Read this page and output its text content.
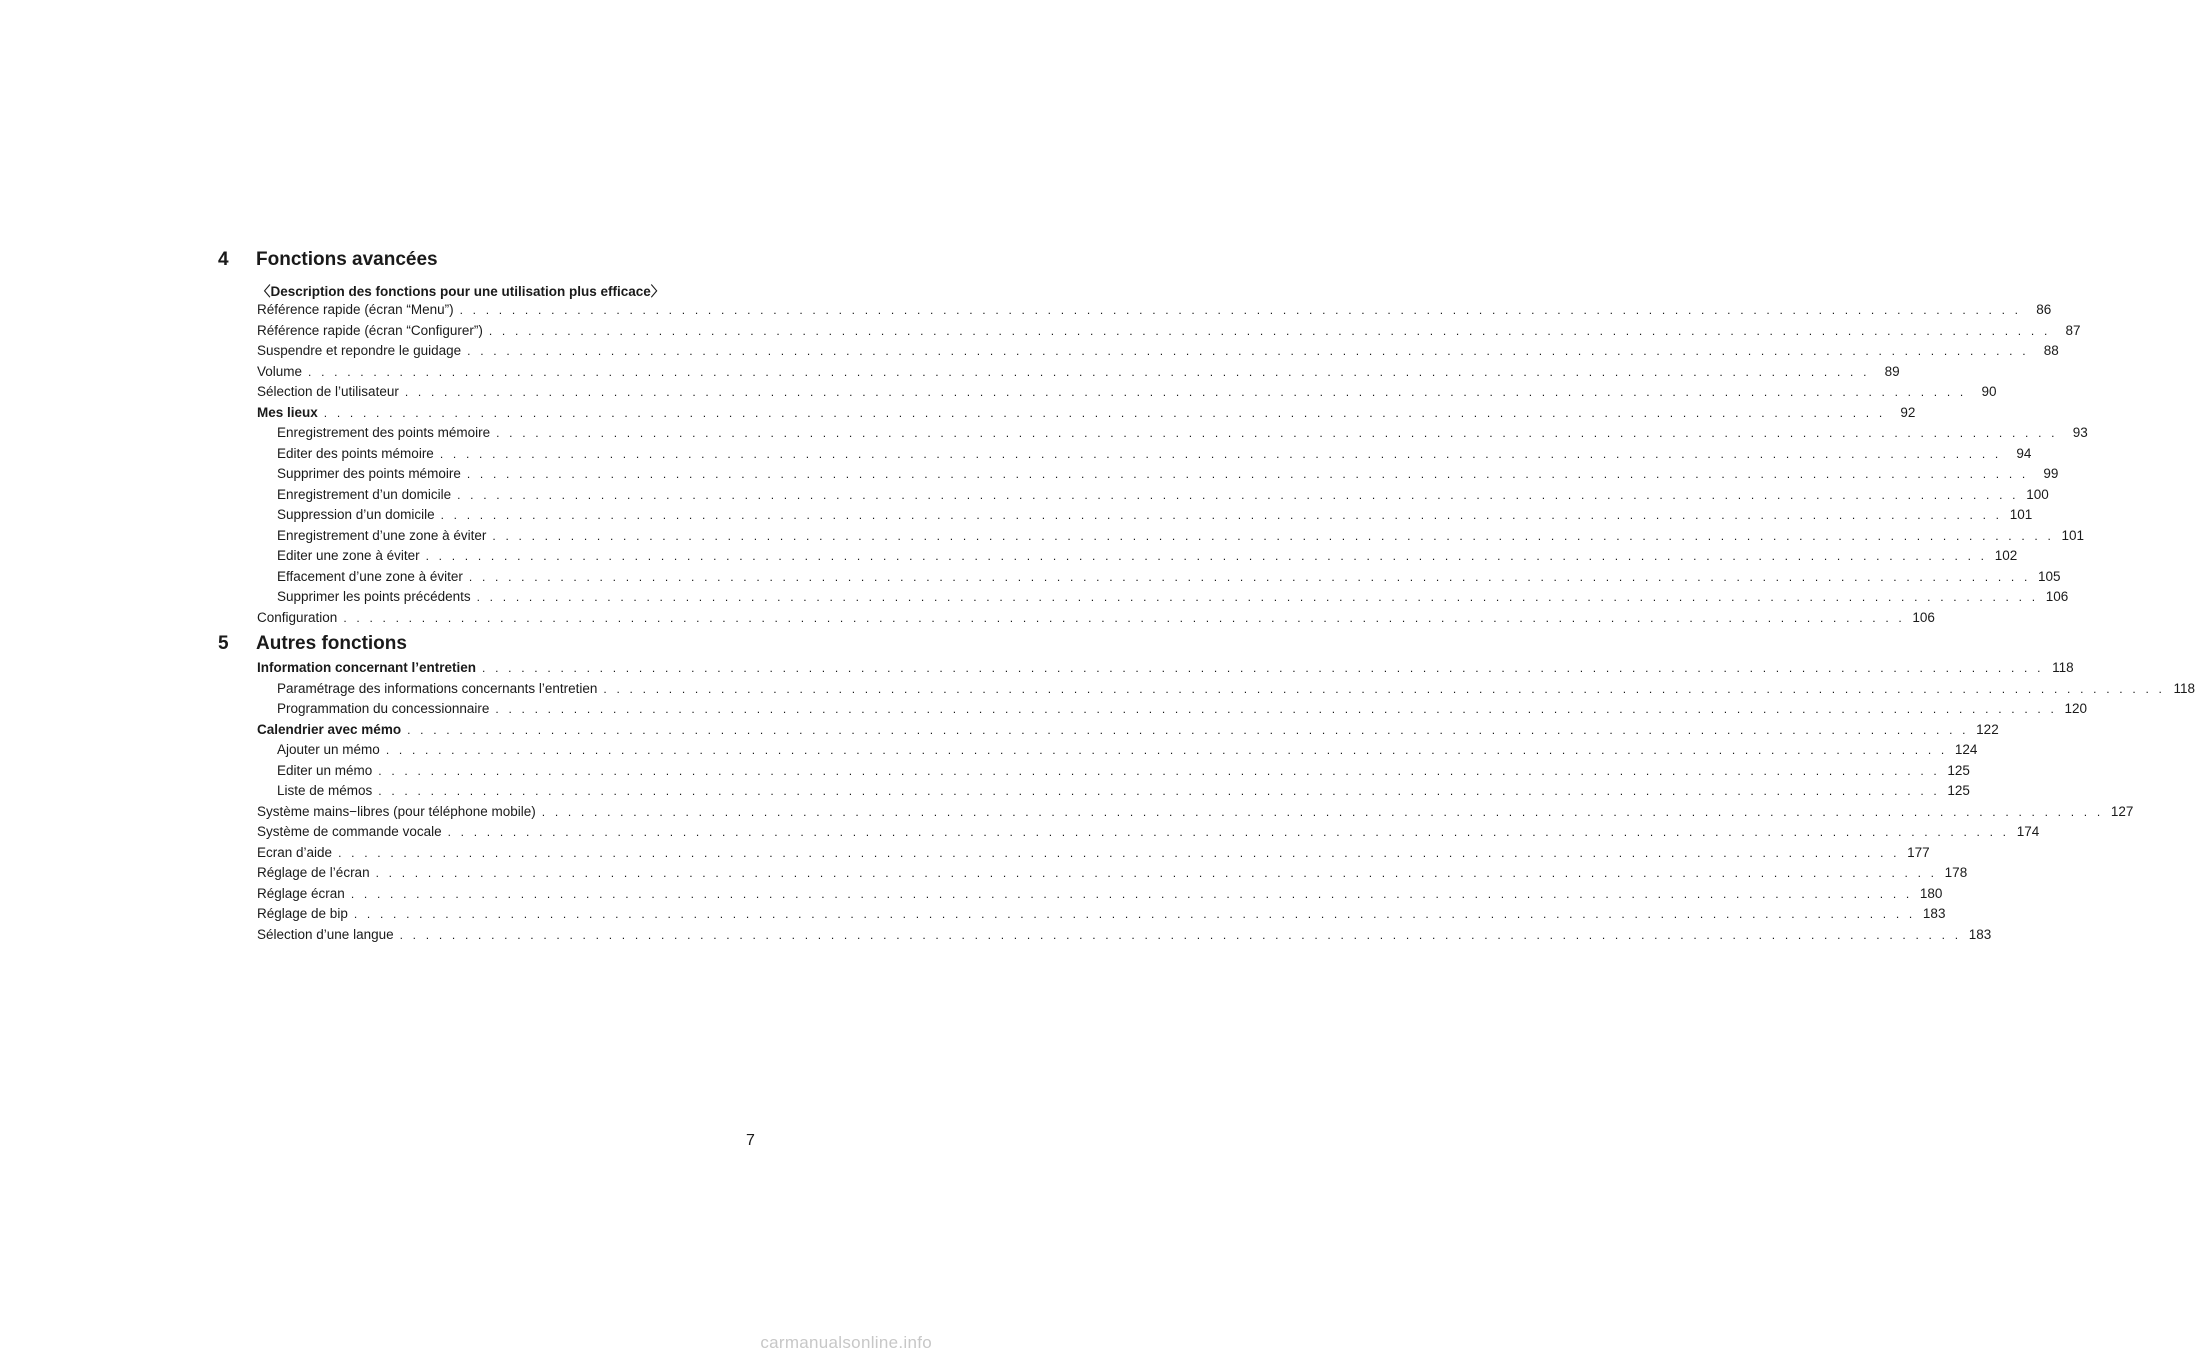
4 Fonctions avancées
〈Description des fonctions pour une utilisation plus efficace〉
Référence rapide (écran “Menu”) . . . . . . . . . . . . . . . . . . . . . . . . . . . . . . . . . . . . . . . . . . . . . . . . . . . . . . . . . . . . . . . . . . . . . . . . . . . . . . . . . . . . . . . . . . . . . . . . . . . . . . . . . . . . . . . . . . . . . . . .	86
Référence rapide (écran “Configurer”) . . . . . . . . . . . . . . . . . . . . . . . . . . . . . . . . . . . . . . . . . . . . . . . . . . . . . . . . . . . . . . . . . . . . . . . . . . . . . . . . . . . . . . . . . . . . . . . . . . . . . . . . . . . . . . . . . . . . . . . .	87
Suspendre et repondre le guidage . . . . . . . . . . . . . . . . . . . . . . . . . . . . . . . . . . . . . . . . . . . . . . . . . . . . . . . . . . . . . . . . . . . . . . . . . . . . . . . . . . . . . . . . . . . . . . . . . . . . . . . . . . . . . . . . . . . . . . . .	88
Volume . . . . . . . . . . . . . . . . . . . . . . . . . . . . . . . . . . . . . . . . . . . . . . . . . . . . . . . . . . . . . . . . . . . . . . . . . . . . . . . . . . . . . . . . . . . . . . . . . . . . . . . . . . . . . . . . . . . . . . . .	89
Sélection de l’utilisateur . . . . . . . . . . . . . . . . . . . . . . . . . . . . . . . . . . . . . . . . . . . . . . . . . . . . . . . . . . . . . . . . . . . . . . . . . . . . . . . . . . . . . . . . . . . . . . . . . . . . . . . . . . . . . . . . . . . . . . . .	90
Mes lieux . . . . . . . . . . . . . . . . . . . . . . . . . . . . . . . . . . . . . . . . . . . . . . . . . . . . . . . . . . . . . . . . . . . . . . . . . . . . . . . . . . . . . . . . . . . . . . . . . . . . . . . . . . . . . . . . . . . . . . . .	92
Enregistrement des points mémoire . . . . . . . . . . . . . . . . . . . . . . . . . . . . . . . . . . . . . . . . . . . . . . . . . . . . . . . . . . . . . . . . . . . . . . . . . . . . . . . . . . . . . . . . . . . . . . . . . . . . . . . . . . . . . . . . . . . . . . . .	93
Editer des points mémoire . . . . . . . . . . . . . . . . . . . . . . . . . . . . . . . . . . . . . . . . . . . . . . . . . . . . . . . . . . . . . . . . . . . . . . . . . . . . . . . . . . . . . . . . . . . . . . . . . . . . . . . . . . . . . . . . . . . . . . . .	94
Supprimer des points mémoire . . . . . . . . . . . . . . . . . . . . . . . . . . . . . . . . . . . . . . . . . . . . . . . . . . . . . . . . . . . . . . . . . . . . . . . . . . . . . . . . . . . . . . . . . . . . . . . . . . . . . . . . . . . . . . . . . . . . . . . .	99
Enregistrement d’un domicile . . . . . . . . . . . . . . . . . . . . . . . . . . . . . . . . . . . . . . . . . . . . . . . . . . . . . . . . . . . . . . . . . . . . . . . . . . . . . . . . . . . . . . . . . . . . . . . . . . . . . . . . . . . . . . . . . . . . . . . . 100
Suppression d’un domicile . . . . . . . . . . . . . . . . . . . . . . . . . . . . . . . . . . . . . . . . . . . . . . . . . . . . . . . . . . . . . . . . . . . . . . . . . . . . . . . . . . . . . . . . . . . . . . . . . . . . . . . . . . . . . . . . . . . . . . . . 101
Enregistrement d’une zone à éviter . . . . . . . . . . . . . . . . . . . . . . . . . . . . . . . . . . . . . . . . . . . . . . . . . . . . . . . . . . . . . . . . . . . . . . . . . . . . . . . . . . . . . . . . . . . . . . . . . . . . . . . . . . . . . . . . . . . . . . . . 101
Editer une zone à éviter . . . . . . . . . . . . . . . . . . . . . . . . . . . . . . . . . . . . . . . . . . . . . . . . . . . . . . . . . . . . . . . . . . . . . . . . . . . . . . . . . . . . . . . . . . . . . . . . . . . . . . . . . . . . . . . . . . . . . . . . 102
Effacement d’une zone à éviter . . . . . . . . . . . . . . . . . . . . . . . . . . . . . . . . . . . . . . . . . . . . . . . . . . . . . . . . . . . . . . . . . . . . . . . . . . . . . . . . . . . . . . . . . . . . . . . . . . . . . . . . . . . . . . . . . . . . . . . . 105
Supprimer les points précédents . . . . . . . . . . . . . . . . . . . . . . . . . . . . . . . . . . . . . . . . . . . . . . . . . . . . . . . . . . . . . . . . . . . . . . . . . . . . . . . . . . . . . . . . . . . . . . . . . . . . . . . . . . . . . . . . . . . . . . . . 106
Configuration . . . . . . . . . . . . . . . . . . . . . . . . . . . . . . . . . . . . . . . . . . . . . . . . . . . . . . . . . . . . . . . . . . . . . . . . . . . . . . . . . . . . . . . . . . . . . . . . . . . . . . . . . . . . . . . . . . . . . . . . 106
5 Autres fonctions
Information concernant l’entretien . . . . . . . . . . . . . . . . . . . . . . . . . . . . . . . . . . . . . . . . . . . . . . . . . . . . . . . . . . . . . . . . . . . . . . . . . . . . . . . . . . . . . . . . . . . . . . . . . . . . . . . . . . . . . . . . . . . . . . . . 118
Paramétrage des informations concernants l’entretien . . . . . . . . . . . . . . . . . . . . . . . . . . . . . . . . . . . . . . . . . . . . . . . . . . . . . . . . . . . . . . . . . . . . . . . . . . . . . . . . . . . . . . . . . . . . . . . . . . . . . . . . . . . . . . . . . . . . . . . . 118
Programmation du concessionnaire . . . . . . . . . . . . . . . . . . . . . . . . . . . . . . . . . . . . . . . . . . . . . . . . . . . . . . . . . . . . . . . . . . . . . . . . . . . . . . . . . . . . . . . . . . . . . . . . . . . . . . . . . . . . . . . . . . . . . . . . 120
Calendrier avec mémo . . . . . . . . . . . . . . . . . . . . . . . . . . . . . . . . . . . . . . . . . . . . . . . . . . . . . . . . . . . . . . . . . . . . . . . . . . . . . . . . . . . . . . . . . . . . . . . . . . . . . . . . . . . . . . . . . . . . . . . . 122
Ajouter un mémo . . . . . . . . . . . . . . . . . . . . . . . . . . . . . . . . . . . . . . . . . . . . . . . . . . . . . . . . . . . . . . . . . . . . . . . . . . . . . . . . . . . . . . . . . . . . . . . . . . . . . . . . . . . . . . . . . . . . . . . . 124
Editer un mémo . . . . . . . . . . . . . . . . . . . . . . . . . . . . . . . . . . . . . . . . . . . . . . . . . . . . . . . . . . . . . . . . . . . . . . . . . . . . . . . . . . . . . . . . . . . . . . . . . . . . . . . . . . . . . . . . . . . . . . . . 125
Liste de mémos . . . . . . . . . . . . . . . . . . . . . . . . . . . . . . . . . . . . . . . . . . . . . . . . . . . . . . . . . . . . . . . . . . . . . . . . . . . . . . . . . . . . . . . . . . . . . . . . . . . . . . . . . . . . . . . . . . . . . . . . 125
Système mains−libres (pour téléphone mobile) . . . . . . . . . . . . . . . . . . . . . . . . . . . . . . . . . . . . . . . . . . . . . . . . . . . . . . . . . . . . . . . . . . . . . . . . . . . . . . . . . . . . . . . . . . . . . . . . . . . . . . . . . . . . . . . . . . . . . . . . 127
Système de commande vocale . . . . . . . . . . . . . . . . . . . . . . . . . . . . . . . . . . . . . . . . . . . . . . . . . . . . . . . . . . . . . . . . . . . . . . . . . . . . . . . . . . . . . . . . . . . . . . . . . . . . . . . . . . . . . . . . . . . . . . . . 174
Ecran d’aide . . . . . . . . . . . . . . . . . . . . . . . . . . . . . . . . . . . . . . . . . . . . . . . . . . . . . . . . . . . . . . . . . . . . . . . . . . . . . . . . . . . . . . . . . . . . . . . . . . . . . . . . . . . . . . . . . . . . . . . . 177
Réglage de l’écran . . . . . . . . . . . . . . . . . . . . . . . . . . . . . . . . . . . . . . . . . . . . . . . . . . . . . . . . . . . . . . . . . . . . . . . . . . . . . . . . . . . . . . . . . . . . . . . . . . . . . . . . . . . . . . . . . . . . . . . . 178
Réglage écran . . . . . . . . . . . . . . . . . . . . . . . . . . . . . . . . . . . . . . . . . . . . . . . . . . . . . . . . . . . . . . . . . . . . . . . . . . . . . . . . . . . . . . . . . . . . . . . . . . . . . . . . . . . . . . . . . . . . . . . . 180
Réglage de bip . . . . . . . . . . . . . . . . . . . . . . . . . . . . . . . . . . . . . . . . . . . . . . . . . . . . . . . . . . . . . . . . . . . . . . . . . . . . . . . . . . . . . . . . . . . . . . . . . . . . . . . . . . . . . . . . . . . . . . . . 183
Sélection d’une langue . . . . . . . . . . . . . . . . . . . . . . . . . . . . . . . . . . . . . . . . . . . . . . . . . . . . . . . . . . . . . . . . . . . . . . . . . . . . . . . . . . . . . . . . . . . . . . . . . . . . . . . . . . . . . . . . . . . . . . . . 183
7
carmanualsonline.info
